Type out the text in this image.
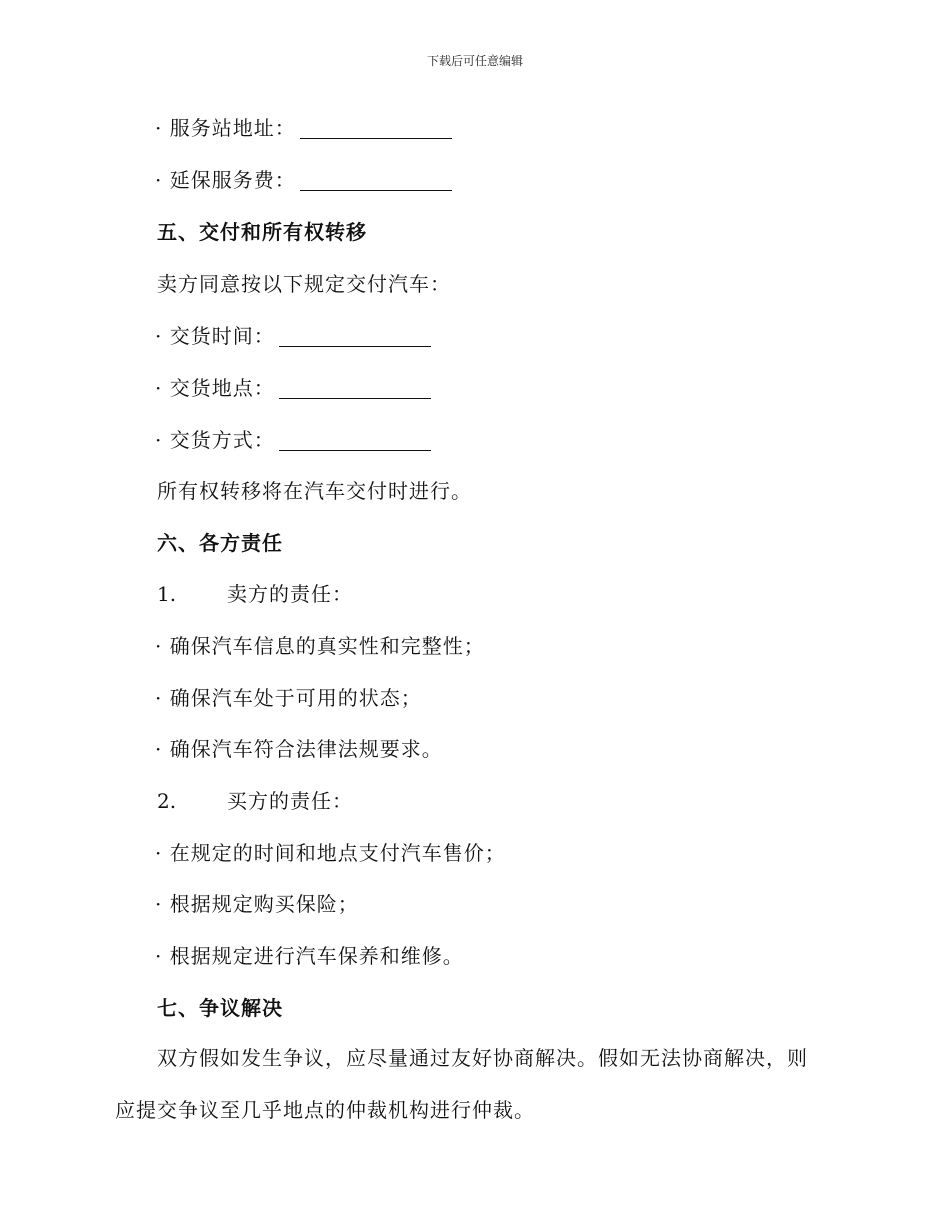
下载后可任意编辑
· 服务站地址：
· 延保服务费：
五、交付和所有权转移
卖方同意按以下规定交付汽车：
· 交货时间：
· 交货地点：
· 交货方式：
所有权转移将在汽车交付时进行。
六、各方责任
1.	卖方的责任：
· 确保汽车信息的真实性和完整性；
· 确保汽车处于可用的状态；
· 确保汽车符合法律法规要求。
2.	买方的责任：
· 在规定的时间和地点支付汽车售价；
· 根据规定购买保险；
· 根据规定进行汽车保养和维修。
七、争议解决
双方假如发生争议，应尽量通过友好协商解决。假如无法协商解决，则应提交争议至几乎地点的仲裁机构进行仲裁。
